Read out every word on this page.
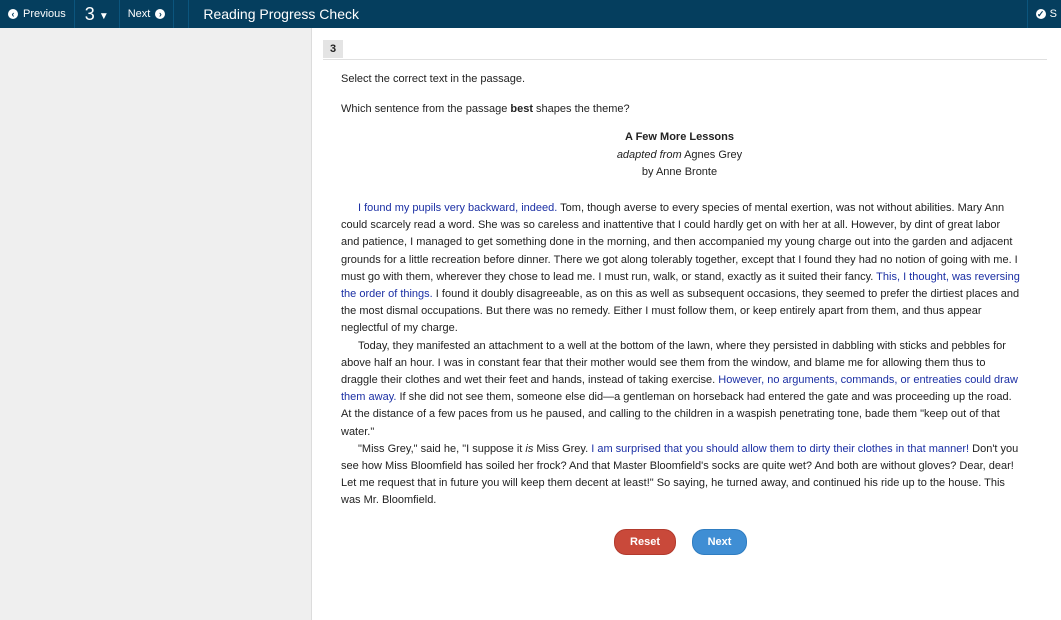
‹ Previous 3 ▼ Next ›	Reading Progress Check	✓ S
3
Select the correct text in the passage.
Which sentence from the passage best shapes the theme?
A Few More Lessons
adapted from Agnes Grey
by Anne Bronte

I found my pupils very backward, indeed. Tom, though averse to every species of mental exertion, was not without abilities. Mary Ann could scarcely read a word. She was so careless and inattentive that I could hardly get on with her at all. However, by dint of great labor and patience, I managed to get something done in the morning, and then accompanied my young charge out into the garden and adjacent grounds for a little recreation before dinner. There we got along tolerably together, except that I found they had no notion of going with me. I must go with them, wherever they chose to lead me. I must run, walk, or stand, exactly as it suited their fancy. This, I thought, was reversing the order of things. I found it doubly disagreeable, as on this as well as subsequent occasions, they seemed to prefer the dirtiest places and the most dismal occupations. But there was no remedy. Either I must follow them, or keep entirely apart from them, and thus appear neglectful of my charge.

Today, they manifested an attachment to a well at the bottom of the lawn, where they persisted in dabbling with sticks and pebbles for above half an hour. I was in constant fear that their mother would see them from the window, and blame me for allowing them thus to draggle their clothes and wet their feet and hands, instead of taking exercise. However, no arguments, commands, or entreaties could draw them away. If she did not see them, someone else did—a gentleman on horseback had entered the gate and was proceeding up the road. At the distance of a few paces from us he paused, and calling to the children in a waspish penetrating tone, bade them "keep out of that water."

"Miss Grey," said he, "I suppose it is Miss Grey. I am surprised that you should allow them to dirty their clothes in that manner! Don't you see how Miss Bloomfield has soiled her frock? And that Master Bloomfield's socks are quite wet? And both are without gloves? Dear, dear! Let me request that in future you will keep them decent at least!" So saying, he turned away, and continued his ride up to the house. This was Mr. Bloomfield.

Reset	Next
